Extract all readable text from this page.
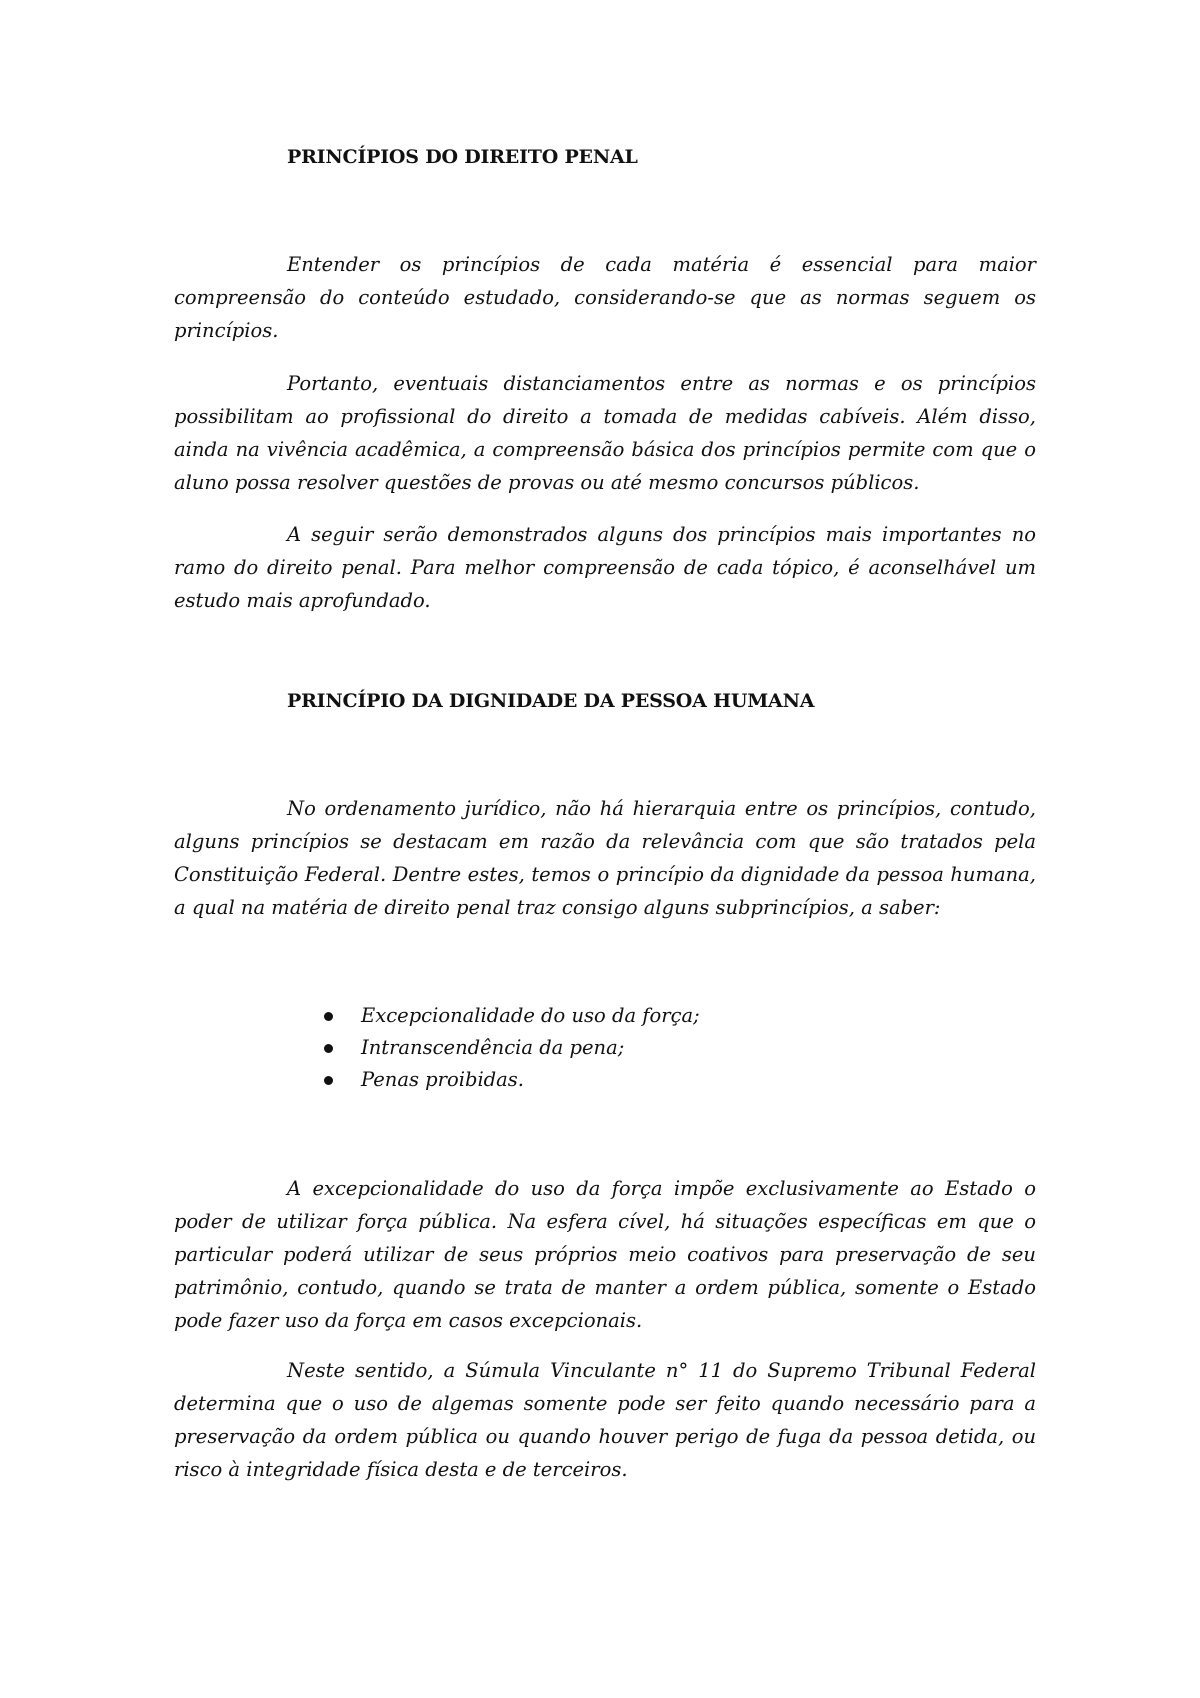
PRINCÍPIOS DO DIREITO PENAL

Entender os princípios de cada matéria é essencial para maior compreensão do conteúdo estudado, considerando-se que as normas seguem os princípios.

Portanto, eventuais distanciamentos entre as normas e os princípios possibilitam ao profissional do direito a tomada de medidas cabíveis. Além disso, ainda na vivência acadêmica, a compreensão básica dos princípios permite com que o aluno possa resolver questões de provas ou até mesmo concursos públicos.

A seguir serão demonstrados alguns dos princípios mais importantes no ramo do direito penal. Para melhor compreensão de cada tópico, é aconselhável um estudo mais aprofundado.

PRINCÍPIO DA DIGNIDADE DA PESSOA HUMANA

No ordenamento jurídico, não há hierarquia entre os princípios, contudo, alguns princípios se destacam em razão da relevância com que são tratados pela Constituição Federal. Dentre estes, temos o princípio da dignidade da pessoa humana, a qual na matéria de direito penal traz consigo alguns subprincípios, a saber:

Excepcionalidade do uso da força;
Intranscendência da pena;
Penas proibidas.

A excepcionalidade do uso da força impõe exclusivamente ao Estado o poder de utilizar força pública. Na esfera cível, há situações específicas em que o particular poderá utilizar de seus próprios meio coativos para preservação de seu patrimônio, contudo, quando se trata de manter a ordem pública, somente o Estado pode fazer uso da força em casos excepcionais.

Neste sentido, a Súmula Vinculante n° 11 do Supremo Tribunal Federal determina que o uso de algemas somente pode ser feito quando necessário para a preservação da ordem pública ou quando houver perigo de fuga da pessoa detida, ou risco à integridade física desta e de terceiros.
